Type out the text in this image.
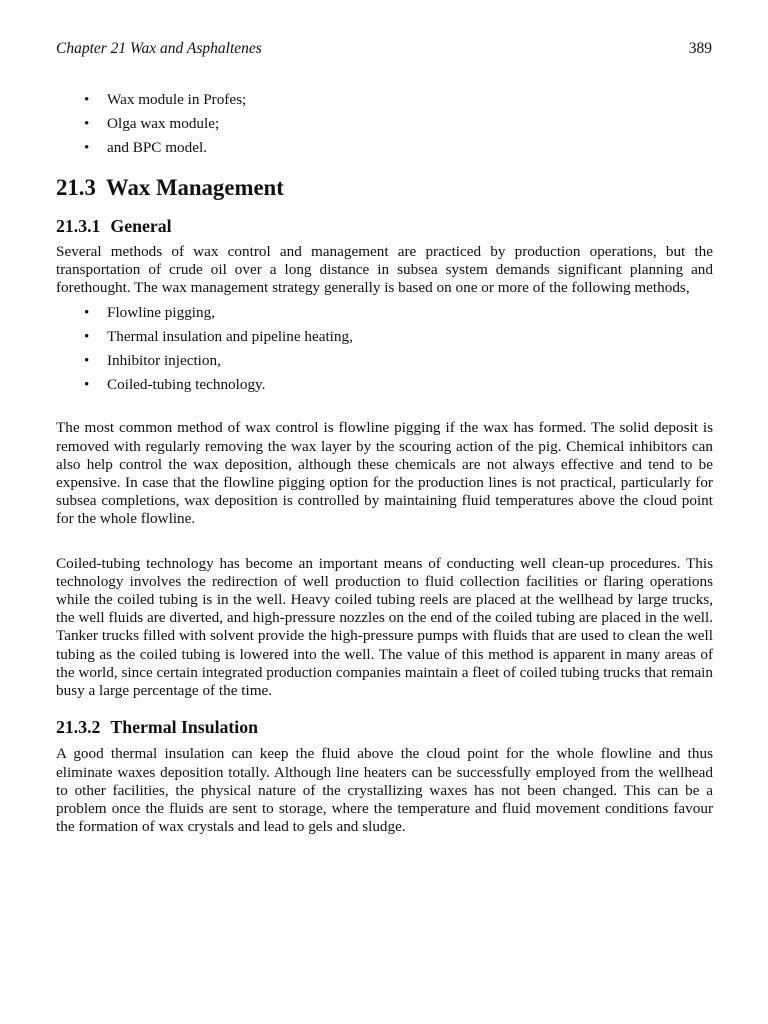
Chapter 21 Wax and Asphaltenes	389
• Wax module in Profes;
• Olga wax module;
• and BPC model.
21.3 Wax Management
21.3.1 General

Several methods of wax control and management are practiced by production operations, but the transportation of crude oil over a long distance in subsea system demands significant planning and forethought. The wax management strategy generally is based on one or more of the following methods,

• Flowline pigging,
• Thermal insulation and pipeline heating,
• Inhibitor injection,
• Coiled-tubing technology.

The most common method of wax control is flowline pigging if the wax has formed. The solid deposit is removed with regularly removing the wax layer by the scouring action of the pig. Chemical inhibitors can also help control the wax deposition, although these chemicals are not always effective and tend to be expensive. In case that the flowline pigging option for the production lines is not practical, particularly for subsea completions, wax deposition is controlled by maintaining fluid temperatures above the cloud point for the whole flowline.

Coiled-tubing technology has become an important means of conducting well clean-up procedures. This technology involves the redirection of well production to fluid collection facilities or flaring operations while the coiled tubing is in the well. Heavy coiled tubing reels are placed at the wellhead by large trucks, the well fluids are diverted, and high-pressure nozzles on the end of the coiled tubing are placed in the well. Tanker trucks filled with solvent provide the high-pressure pumps with fluids that are used to clean the well tubing as the coiled tubing is lowered into the well. The value of this method is apparent in many areas of the world, since certain integrated production companies maintain a fleet of coiled tubing trucks that remain busy a large percentage of the time.

21.3.2 Thermal Insulation

A good thermal insulation can keep the fluid above the cloud point for the whole flowline and thus eliminate waxes deposition totally. Although line heaters can be successfully employed from the wellhead to other facilities, the physical nature of the crystallizing waxes has not been changed. This can be a problem once the fluids are sent to storage, where the temperature and fluid movement conditions favour the formation of wax crystals and lead to gels and sludge.
